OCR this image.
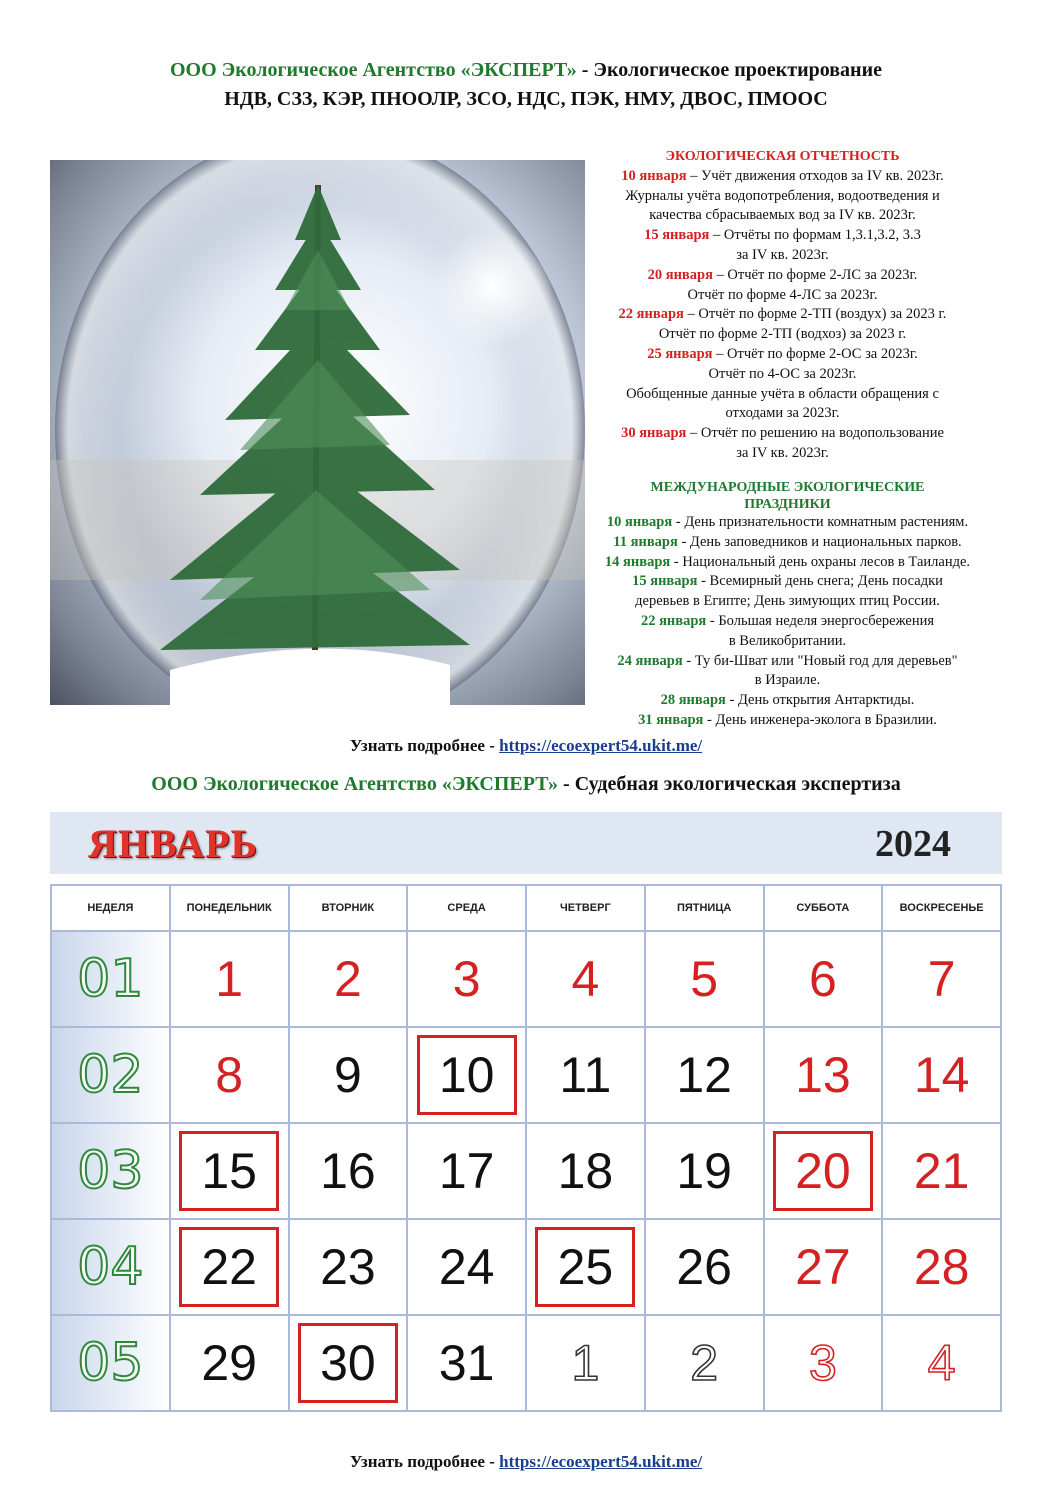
ООО Экологическое Агентство «ЭКСПЕРТ» - Экологическое проектирование
НДВ, СЗЗ, КЭР, ПНООЛР, ЗСО, НДС, ПЭК, НМУ, ДВОС, ПМООС
ЭКОЛОГИЧЕСКАЯ ОТЧЕТНОСТЬ
10 января – Учёт движения отходов за IV кв. 2023г.
Журналы учёта водопотребления, водоотведения и
качества сбрасываемых вод за IV кв. 2023г.
15 января – Отчёты по формам 1,3.1,3.2, 3.3
за IV кв. 2023г.
20 января – Отчёт по форме 2-ЛС за 2023г.
Отчёт по форме 4-ЛС за 2023г.
22 января – Отчёт по форме 2-ТП (воздух) за 2023 г.
Отчёт по форме 2-ТП (водхоз) за 2023 г.
25 января – Отчёт по форме 2-ОС за 2023г.
Отчёт по 4-ОС за 2023г.
Обобщенные данные учёта в области обращения с
отходами за 2023г.
30 января – Отчёт по решению на водопользование
за IV кв. 2023г.
МЕЖДУНАРОДНЫЕ ЭКОЛОГИЧЕСКИЕ
ПРАЗДНИКИ
10 января - День признательности комнатным растениям.
11 января - День заповедников и национальных парков.
14 января - Национальный день охраны лесов в Таиланде.
15 января - Всемирный день снега; День посадки
деревьев в Египте; День зимующих птиц России.
22 января - Большая неделя энергосбережения
в Великобритании.
24 января - Ту би-Шват или "Новый год для деревьев"
в Израиле.
28 января - День открытия Антарктиды.
31 января - День инженера-эколога в Бразилии.
Узнать подробнее - https://ecoexpert54.ukit.me/
ООО Экологическое Агентство «ЭКСПЕРТ» - Судебная экологическая экспертиза
ЯНВАРЬ	2024
НЕДЕЛЯ	ПОНЕДЕЛЬНИК	ВТОРНИК	СРЕДА	ЧЕТВЕРГ	ПЯТНИЦА	СУББОТА	ВОСКРЕСЕНЬЕ
01	1	2	3	4	5	6	7
02	8	9	10	11	12	13	14
03	15	16	17	18	19	20	21
04	22	23	24	25	26	27	28
05	29	30	31	1	2	3	4
Узнать подробнее - https://ecoexpert54.ukit.me/
